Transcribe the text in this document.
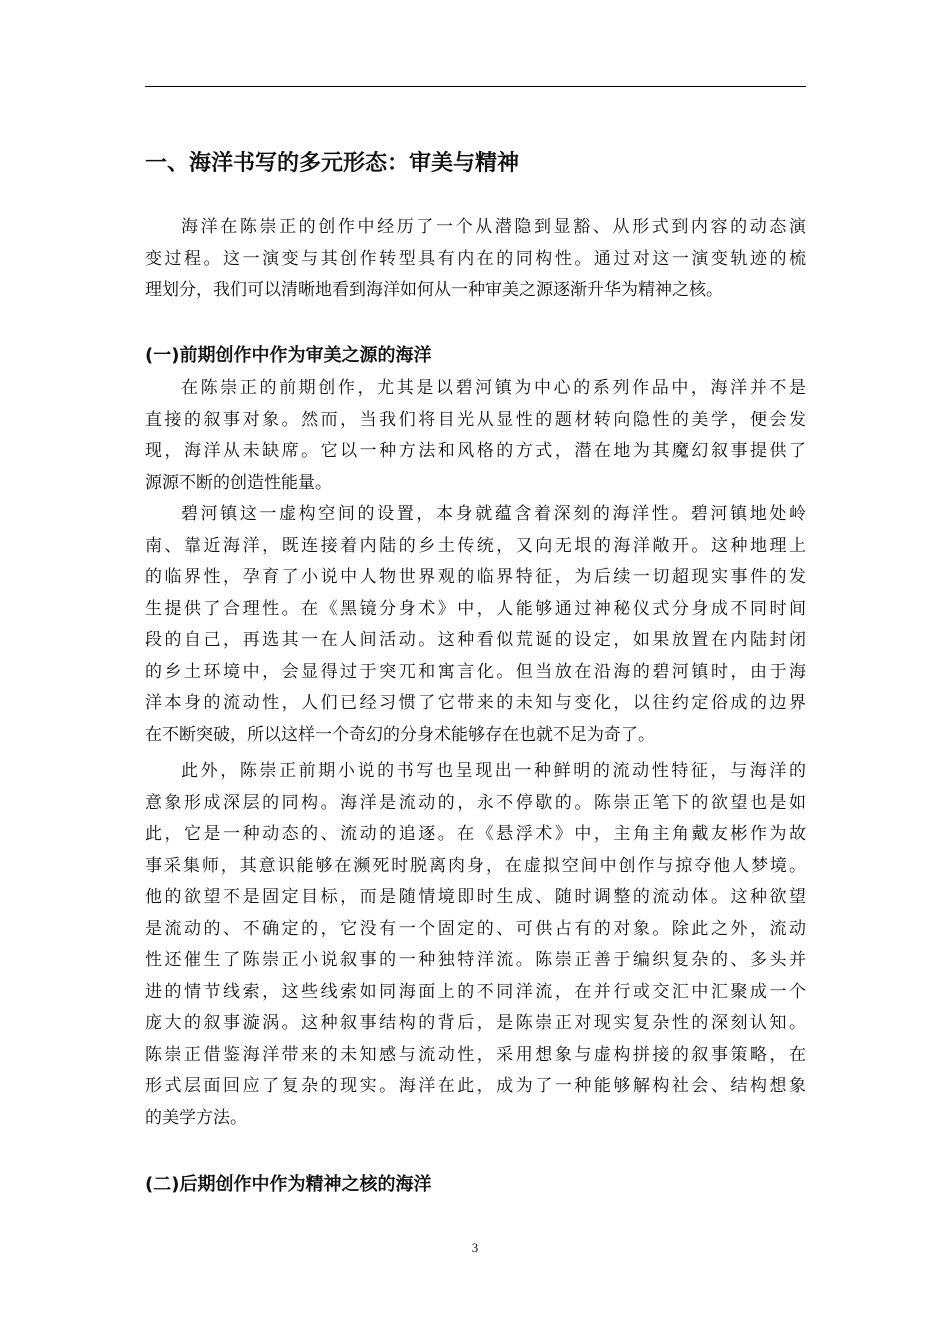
一、海洋书写的多元形态：审美与精神
海洋在陈崇正的创作中经历了一个从潜隐到显豁、从形式到内容的动态演
变过程。这一演变与其创作转型具有内在的同构性。通过对这一演变轨迹的梳
理划分，我们可以清晰地看到海洋如何从一种审美之源逐渐升华为精神之核。
(一)前期创作中作为审美之源的海洋
在陈崇正的前期创作，尤其是以碧河镇为中心的系列作品中，海洋并不是
直接的叙事对象。然而，当我们将目光从显性的题材转向隐性的美学，便会发
现，海洋从未缺席。它以一种方法和风格的方式，潜在地为其魔幻叙事提供了
源源不断的创造性能量。
碧河镇这一虚构空间的设置，本身就蕴含着深刻的海洋性。碧河镇地处岭
南、靠近海洋，既连接着内陆的乡土传统，又向无垠的海洋敞开。这种地理上
的临界性，孕育了小说中人物世界观的临界特征，为后续一切超现实事件的发
生提供了合理性。在《黑镜分身术》中，人能够通过神秘仪式分身成不同时间
段的自己，再选其一在人间活动。这种看似荒诞的设定，如果放置在内陆封闭
的乡土环境中，会显得过于突兀和寓言化。但当放在沿海的碧河镇时，由于海
洋本身的流动性，人们已经习惯了它带来的未知与变化，以往约定俗成的边界
在不断突破，所以这样一个奇幻的分身术能够存在也就不足为奇了。
此外，陈崇正前期小说的书写也呈现出一种鲜明的流动性特征，与海洋的
意象形成深层的同构。海洋是流动的，永不停歇的。陈崇正笔下的欲望也是如
此，它是一种动态的、流动的追逐。在《悬浮术》中，主角主角戴友彬作为故
事采集师，其意识能够在濒死时脱离肉身，在虚拟空间中创作与掠夺他人梦境。
他的欲望不是固定目标，而是随情境即时生成、随时调整的流动体。这种欲望
是流动的、不确定的，它没有一个固定的、可供占有的对象。除此之外，流动
性还催生了陈崇正小说叙事的一种独特洋流。陈崇正善于编织复杂的、多头并
进的情节线索，这些线索如同海面上的不同洋流，在并行或交汇中汇聚成一个
庞大的叙事漩涡。这种叙事结构的背后，是陈崇正对现实复杂性的深刻认知。
陈崇正借鉴海洋带来的未知感与流动性，采用想象与虚构拼接的叙事策略，在
形式层面回应了复杂的现实。海洋在此，成为了一种能够解构社会、结构想象
的美学方法。
(二)后期创作中作为精神之核的海洋
3
